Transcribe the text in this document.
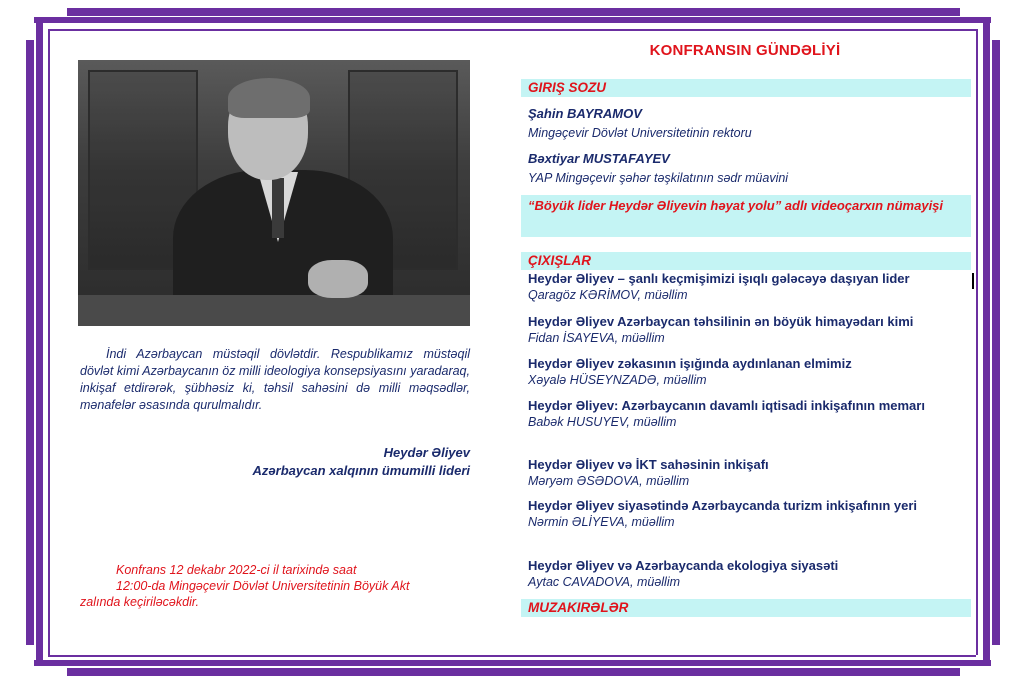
İndi Azərbaycan müstəqil dövlətdir. Respublikamız müstəqil dövlət kimi Azərbaycanın öz milli ideologiya konsepsiyasını yaradaraq, inkişaf etdirərək, şübhəsiz ki, təhsil sahəsini də milli məqsədlər, mənafelər əsasında qurulmalıdır.

Heydər Əliyev
Azərbaycan xalqının ümumilli lideri
Konfrans 12 dekabr 2022-ci il tarixində saat
12:00-da Mingəçevir Dövlət Universitetinin Böyük Akt
zalında keçiriləcəkdir.
KONFRANSIN GÜNDƏLİYİ
GIRIŞ SOZU
Şahin BAYRAMOV
Mingəçevir Dövlət Universitetinin rektoru
Bəxtiyar MUSTAFAYEV
YAP Mingəçevir şəhər təşkilatının sədr müavini
“Böyük lider Heydər Əliyevin həyat yolu” adlı videoçarxın nümayişi
ÇIXIŞLAR
Heydər Əliyev – şanlı keçmişimizi işıqlı gələcəyə daşıyan lider
Qaragöz KƏRİMOV, müəllim
Heydər Əliyev Azərbaycan təhsilinin ən böyük himayədarı kimi
Fidan İSAYEVA, müəllim
Heydər Əliyev zəkasının işığında aydınlanan elmimiz
Xəyalə HÜSEYNZADƏ, müəllim
Heydər Əliyev: Azərbaycanın davamlı iqtisadi inkişafının memarı
Babək HUSUYEV, müəllim
Heydər Əliyev və İKT sahəsinin inkişafı
Məryəm ƏSƏDOVA, müəllim
Heydər Əliyev siyasətində Azərbaycanda turizm inkişafının yeri
Nərmin ƏLİYEVA, müəllim
Heydər Əliyev və Azərbaycanda ekologiya siyasəti
Aytac CAVADOVA, müəllim
MUZAKIRƏLƏR
